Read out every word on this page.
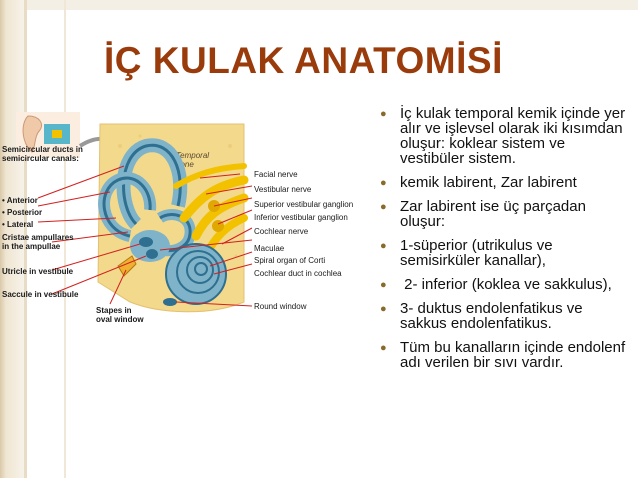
İÇ KULAK ANATOMİSİ
Temporal bone
Semicircular ducts in semicircular canals:
• Anterior
• Posterior
• Lateral
Cristae ampullares in the ampullae
Utricle in vestibule
Saccule in vestibule
Stapes in oval window
Facial nerve
Vestibular nerve
Superior vestibular ganglion
Inferior vestibular ganglion
Cochlear nerve
Maculae
Spiral organ of Corti
Cochlear duct in cochlea
Round window
● İç kulak temporal kemik içinde yer alır ve işlevsel olarak iki kısımdan oluşur: koklear sistem ve vestibüler sistem.
● kemik labirent, Zar labirent
● Zar labirent ise üç parçadan oluşur:
● 1-süperior (utrikulus ve semisirküler kanallar),
● 2- inferior (koklea ve sakkulus),
● 3- duktus endolenfatikus ve sakkus endolenfatikus.
● Tüm bu kanalların içinde endolenf adı verilen bir sıvı vardır.
